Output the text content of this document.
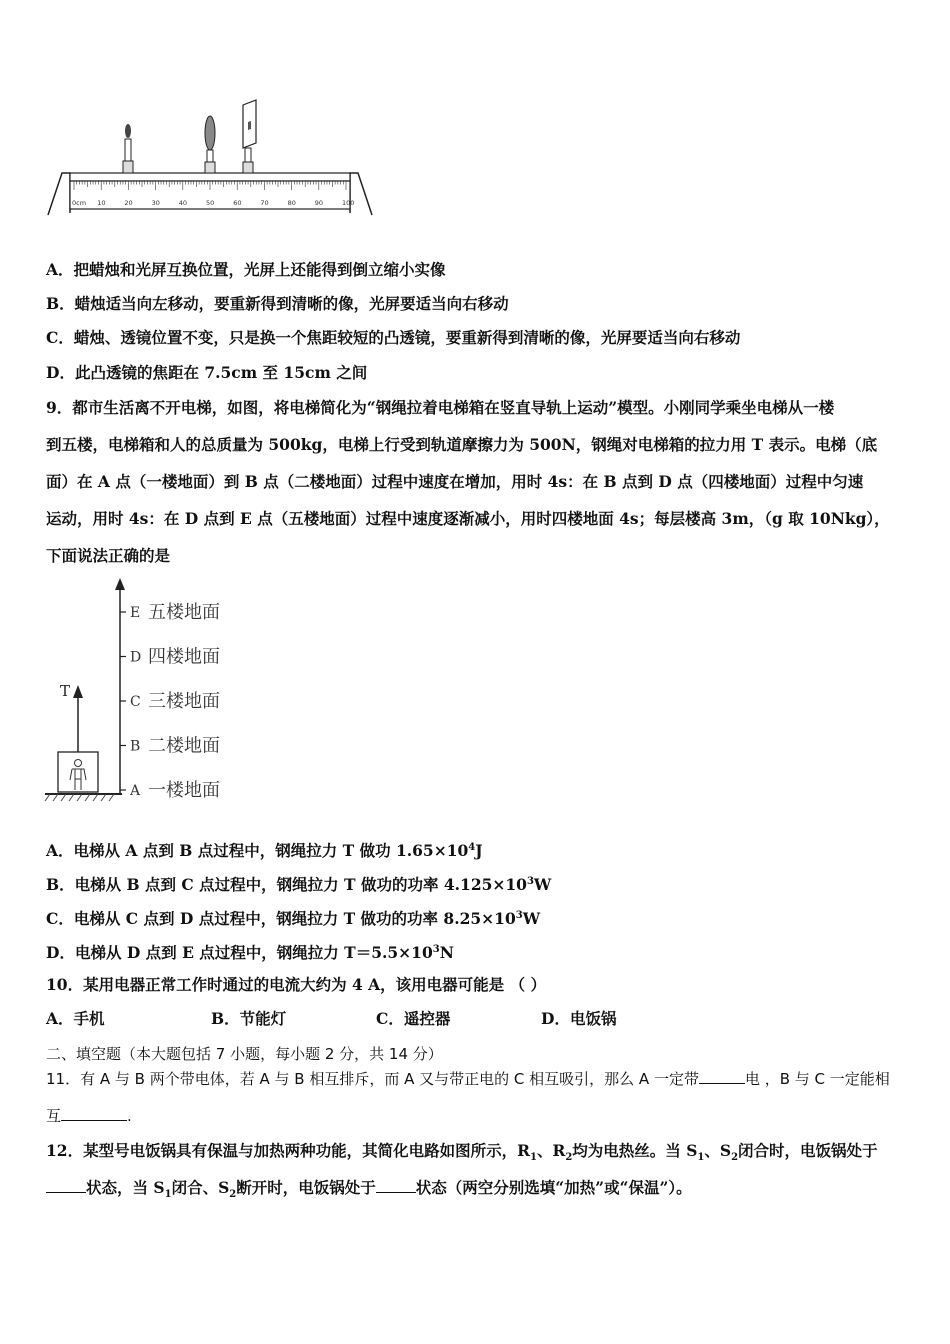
0cm 10	20	30	40	50	60	70	80	90	100
A．把蜡烛和光屏互换位置，光屏上还能得到倒立缩小实像
B．蜡烛适当向左移动，要重新得到清晰的像，光屏要适当向右移动
C．蜡烛、透镜位置不变，只是换一个焦距较短的凸透镜，要重新得到清晰的像，光屏要适当向右移动
D．此凸透镜的焦距在 7.5cm 至 15cm 之间
9．都市生活离不开电梯，如图，将电梯简化为“钢绳拉着电梯箱在竖直导轨上运动”模型。小刚同学乘坐电梯从一楼
到五楼，电梯箱和人的总质量为 500kg，电梯上行受到轨道摩擦力为 500N，钢绳对电梯箱的拉力用 T 表示。电梯（底
面）在 A 点（一楼地面）到 B 点（二楼地面）过程中速度在增加，用时 4s：在 B 点到 D 点（四楼地面）过程中匀速
运动，用时 4s：在 D 点到 E 点（五楼地面）过程中速度逐渐减小，用时四楼地面 4s；每层楼高 3m，（g 取 10Nkg），
下面说法正确的是
T
E 五楼地面
D 四楼地面
C 三楼地面
B 二楼地面
A 一楼地面
A．电梯从 A 点到 B 点过程中，钢绳拉力 T 做功 $1.65\times 10^4J$
B．电梯从 B 点到 C 点过程中，钢绳拉力 T 做功的功率 $4.125\times 10^3W$
C．电梯从 C 点到 D 点过程中，钢绳拉力 T 做功的功率 $8.25\times 10^3W$
D．电梯从 D 点到 E 点过程中，钢绳拉力 $T=5.5\times 10^3N$
10．某用电器正常工作时通过的电流大约为 4 A，该用电器可能是 （ ）
A．手机	B．节能灯	C．遥控器	D．电饭锅
二、填空题（本大题包括 7 小题，每小题 2 分，共 14 分）
11．有 A 与 B 两个带电体，若 A 与 B 相互排斥，而 A 又与带正电的 C 相互吸引，那么 A 一定带	电 ，B 与 C 一定能相
互	.
12．某型号电饭锅具有保温与加热两种功能，其简化电路如图所示，$R_1$、$R_2$均为电热丝。当 $S_1$、$S_2$闭合时，电饭锅处于
状态，当 $S_1$闭合、$S_2$断开时，电饭锅处于	状态（两空分别选填“加热”或“保温”）。
